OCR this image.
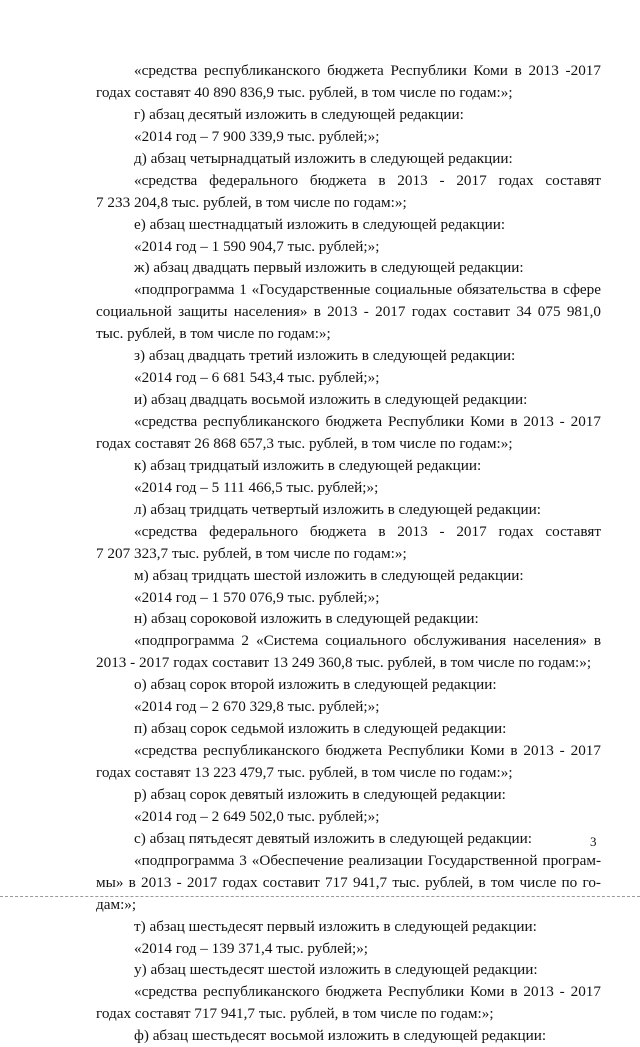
«средства республиканского бюджета Республики Коми в 2013 -2017
годах составят 40 890 836,9 тыс. рублей, в том числе по годам:»;
г) абзац десятый изложить в следующей редакции:
«2014 год – 7 900 339,9 тыс. рублей;»;
д) абзац четырнадцатый изложить в следующей редакции:
«средства федерального бюджета в 2013 - 2017 годах составят
7 233 204,8 тыс. рублей, в том числе по годам:»;
е) абзац шестнадцатый изложить в следующей редакции:
«2014 год – 1 590 904,7 тыс. рублей;»;
ж) абзац двадцать первый изложить в следующей редакции:
«подпрограмма 1 «Государственные социальные обязательства в сфере
социальной защиты населения» в 2013 - 2017 годах составит 34 075 981,0
тыс. рублей, в том числе по годам:»;
з) абзац двадцать третий изложить в следующей редакции:
«2014 год – 6 681 543,4 тыс. рублей;»;
и) абзац двадцать восьмой изложить в следующей редакции:
«средства республиканского бюджета Республики Коми в 2013 - 2017
годах составят 26 868 657,3 тыс. рублей, в том числе по годам:»;
к) абзац тридцатый изложить в следующей редакции:
«2014 год – 5 111 466,5 тыс. рублей;»;
л) абзац тридцать четвертый изложить в следующей редакции:
«средства федерального бюджета в 2013 - 2017 годах составят
7 207 323,7 тыс. рублей, в том числе по годам:»;
м) абзац тридцать шестой изложить в следующей редакции:
«2014 год – 1 570 076,9 тыс. рублей;»;
н) абзац сороковой изложить в следующей редакции:
«подпрограмма 2 «Система социального обслуживания населения» в
2013 - 2017 годах составит 13 249 360,8 тыс. рублей, в том числе по годам:»;
о) абзац сорок второй изложить в следующей редакции:
«2014 год – 2 670 329,8 тыс. рублей;»;
п) абзац сорок седьмой изложить в следующей редакции:
«средства республиканского бюджета Республики Коми в 2013 - 2017
годах составят 13 223 479,7 тыс. рублей, в том числе по годам:»;
р) абзац сорок девятый изложить в следующей редакции:
«2014 год – 2 649 502,0 тыс. рублей;»;
с) абзац пятьдесят девятый изложить в следующей редакции:
«подпрограмма 3 «Обеспечение реализации Государственной програм-
мы» в 2013 - 2017 годах составит 717 941,7 тыс. рублей, в том числе по го-
дам:»;
т) абзац шестьдесят первый изложить в следующей редакции:
«2014 год – 139 371,4 тыс. рублей;»;
у) абзац шестьдесят шестой изложить в следующей редакции:
«средства республиканского бюджета Республики Коми в 2013 - 2017
годах составят 717 941,7 тыс. рублей, в том числе по годам:»;
ф) абзац шестьдесят восьмой изложить в следующей редакции:
3
